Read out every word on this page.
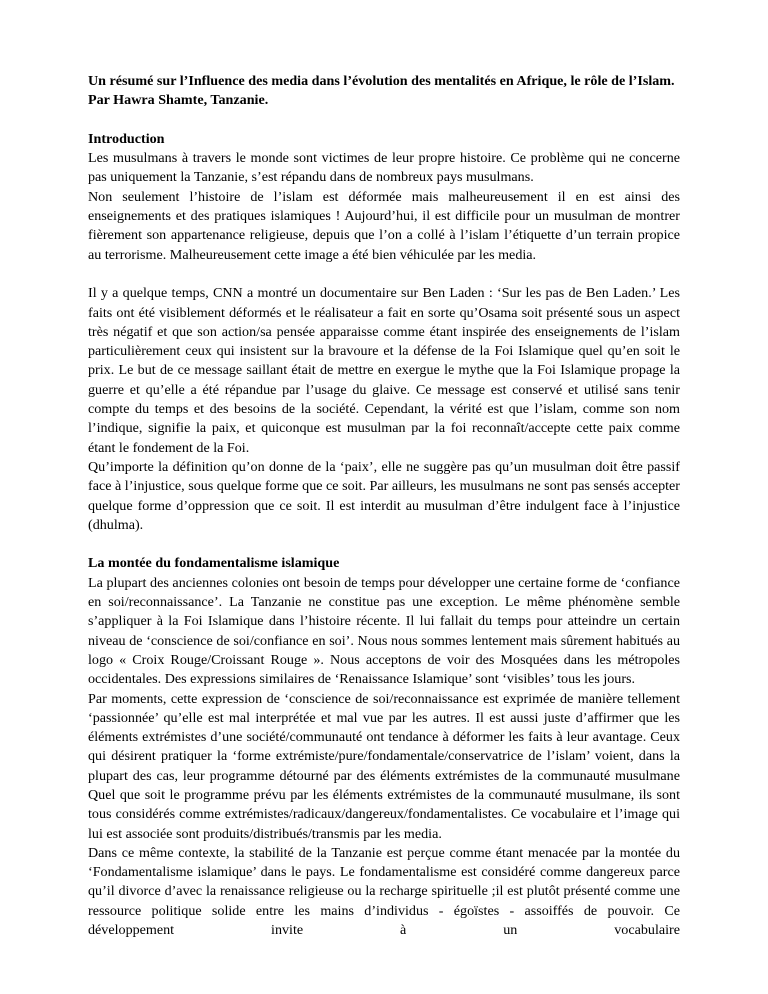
Un résumé sur l’Influence des media dans l’évolution des mentalités en Afrique, le rôle de l’Islam. Par Hawra Shamte, Tanzanie.
Introduction

Les musulmans à travers le monde sont victimes de leur propre histoire. Ce problème qui ne concerne pas uniquement la Tanzanie, s’est répandu dans de nombreux pays musulmans.

Non seulement l’histoire de l’islam est déformée mais malheureusement il en est ainsi des enseignements et des pratiques islamiques ! Aujourd’hui, il est difficile pour un musulman de montrer fièrement son appartenance religieuse, depuis que l’on a collé à l’islam l’étiquette d’un terrain propice au terrorisme. Malheureusement cette image a été bien véhiculée par les media.

Il y a quelque temps, CNN a montré un documentaire sur Ben Laden : ‘Sur les pas de Ben Laden.’ Les faits ont été visiblement déformés et le réalisateur a fait en sorte qu’Osama soit présenté sous un aspect très négatif et que son action/sa pensée apparaisse comme étant inspirée des enseignements de l’islam particulièrement ceux qui insistent sur la bravoure et la défense de la Foi Islamique quel qu’en soit le prix. Le but de ce message saillant était de mettre en exergue le mythe que la Foi Islamique propage la guerre et qu’elle a été répandue par l’usage du glaive. Ce message est conservé et utilisé sans tenir compte du temps et des besoins de la société. Cependant, la vérité est que l’islam, comme son nom l’indique, signifie la paix, et quiconque est musulman par la foi reconnaît/accepte cette paix comme étant le fondement de la Foi.

Qu’importe la définition qu’on donne de la ‘paix’, elle ne suggère pas qu’un musulman doit être passif face à l’injustice, sous quelque forme que ce soit. Par ailleurs, les musulmans ne sont pas sensés accepter quelque forme d’oppression que ce soit. Il est interdit au musulman d’être indulgent face à l’injustice (dhulma).

La montée du fondamentalisme islamique

La plupart des anciennes colonies ont besoin de temps pour développer une certaine forme de ‘confiance en soi/reconnaissance’. La Tanzanie ne constitue pas une exception. Le même phénomène semble s’appliquer à la Foi Islamique dans l’histoire récente. Il lui fallait du temps pour atteindre un certain niveau de ‘conscience de soi/confiance en soi’. Nous nous sommes lentement mais sûrement habitués au logo « Croix Rouge/Croissant Rouge ». Nous acceptons de voir des Mosquées dans les métropoles occidentales. Des expressions similaires de ‘Renaissance Islamique’ sont ‘visibles’ tous les jours.

Par moments, cette expression de ‘conscience de soi/reconnaissance est exprimée de manière tellement ‘passionnée’ qu’elle est mal interprétée et mal vue par les autres. Il est aussi juste d’affirmer que les éléments extrémistes d’une société/communauté ont tendance à déformer les faits à leur avantage. Ceux qui désirent pratiquer la ‘forme extrémiste/pure/fondamentale/conservatrice de l’islam’ voient, dans la plupart des cas, leur programme détourné par des éléments extrémistes de la communauté musulmane Quel que soit le programme prévu par les éléments extrémistes de la communauté musulmane, ils sont tous considérés comme extrémistes/radicaux/dangereux/fondamentalistes. Ce vocabulaire et l’image qui lui est associée sont produits/distribués/transmis par les media.

Dans ce même contexte, la stabilité de la Tanzanie est perçue comme étant menacée par la montée du ‘Fondamentalisme islamique’ dans le pays. Le fondamentalisme est considéré comme dangereux parce qu’il divorce d’avec la renaissance religieuse ou la recharge spirituelle ;il est plutôt présenté comme une ressource politique solide entre les mains d’individus - égoïstes - assoiffés de pouvoir. Ce développement invite à un vocabulaire
